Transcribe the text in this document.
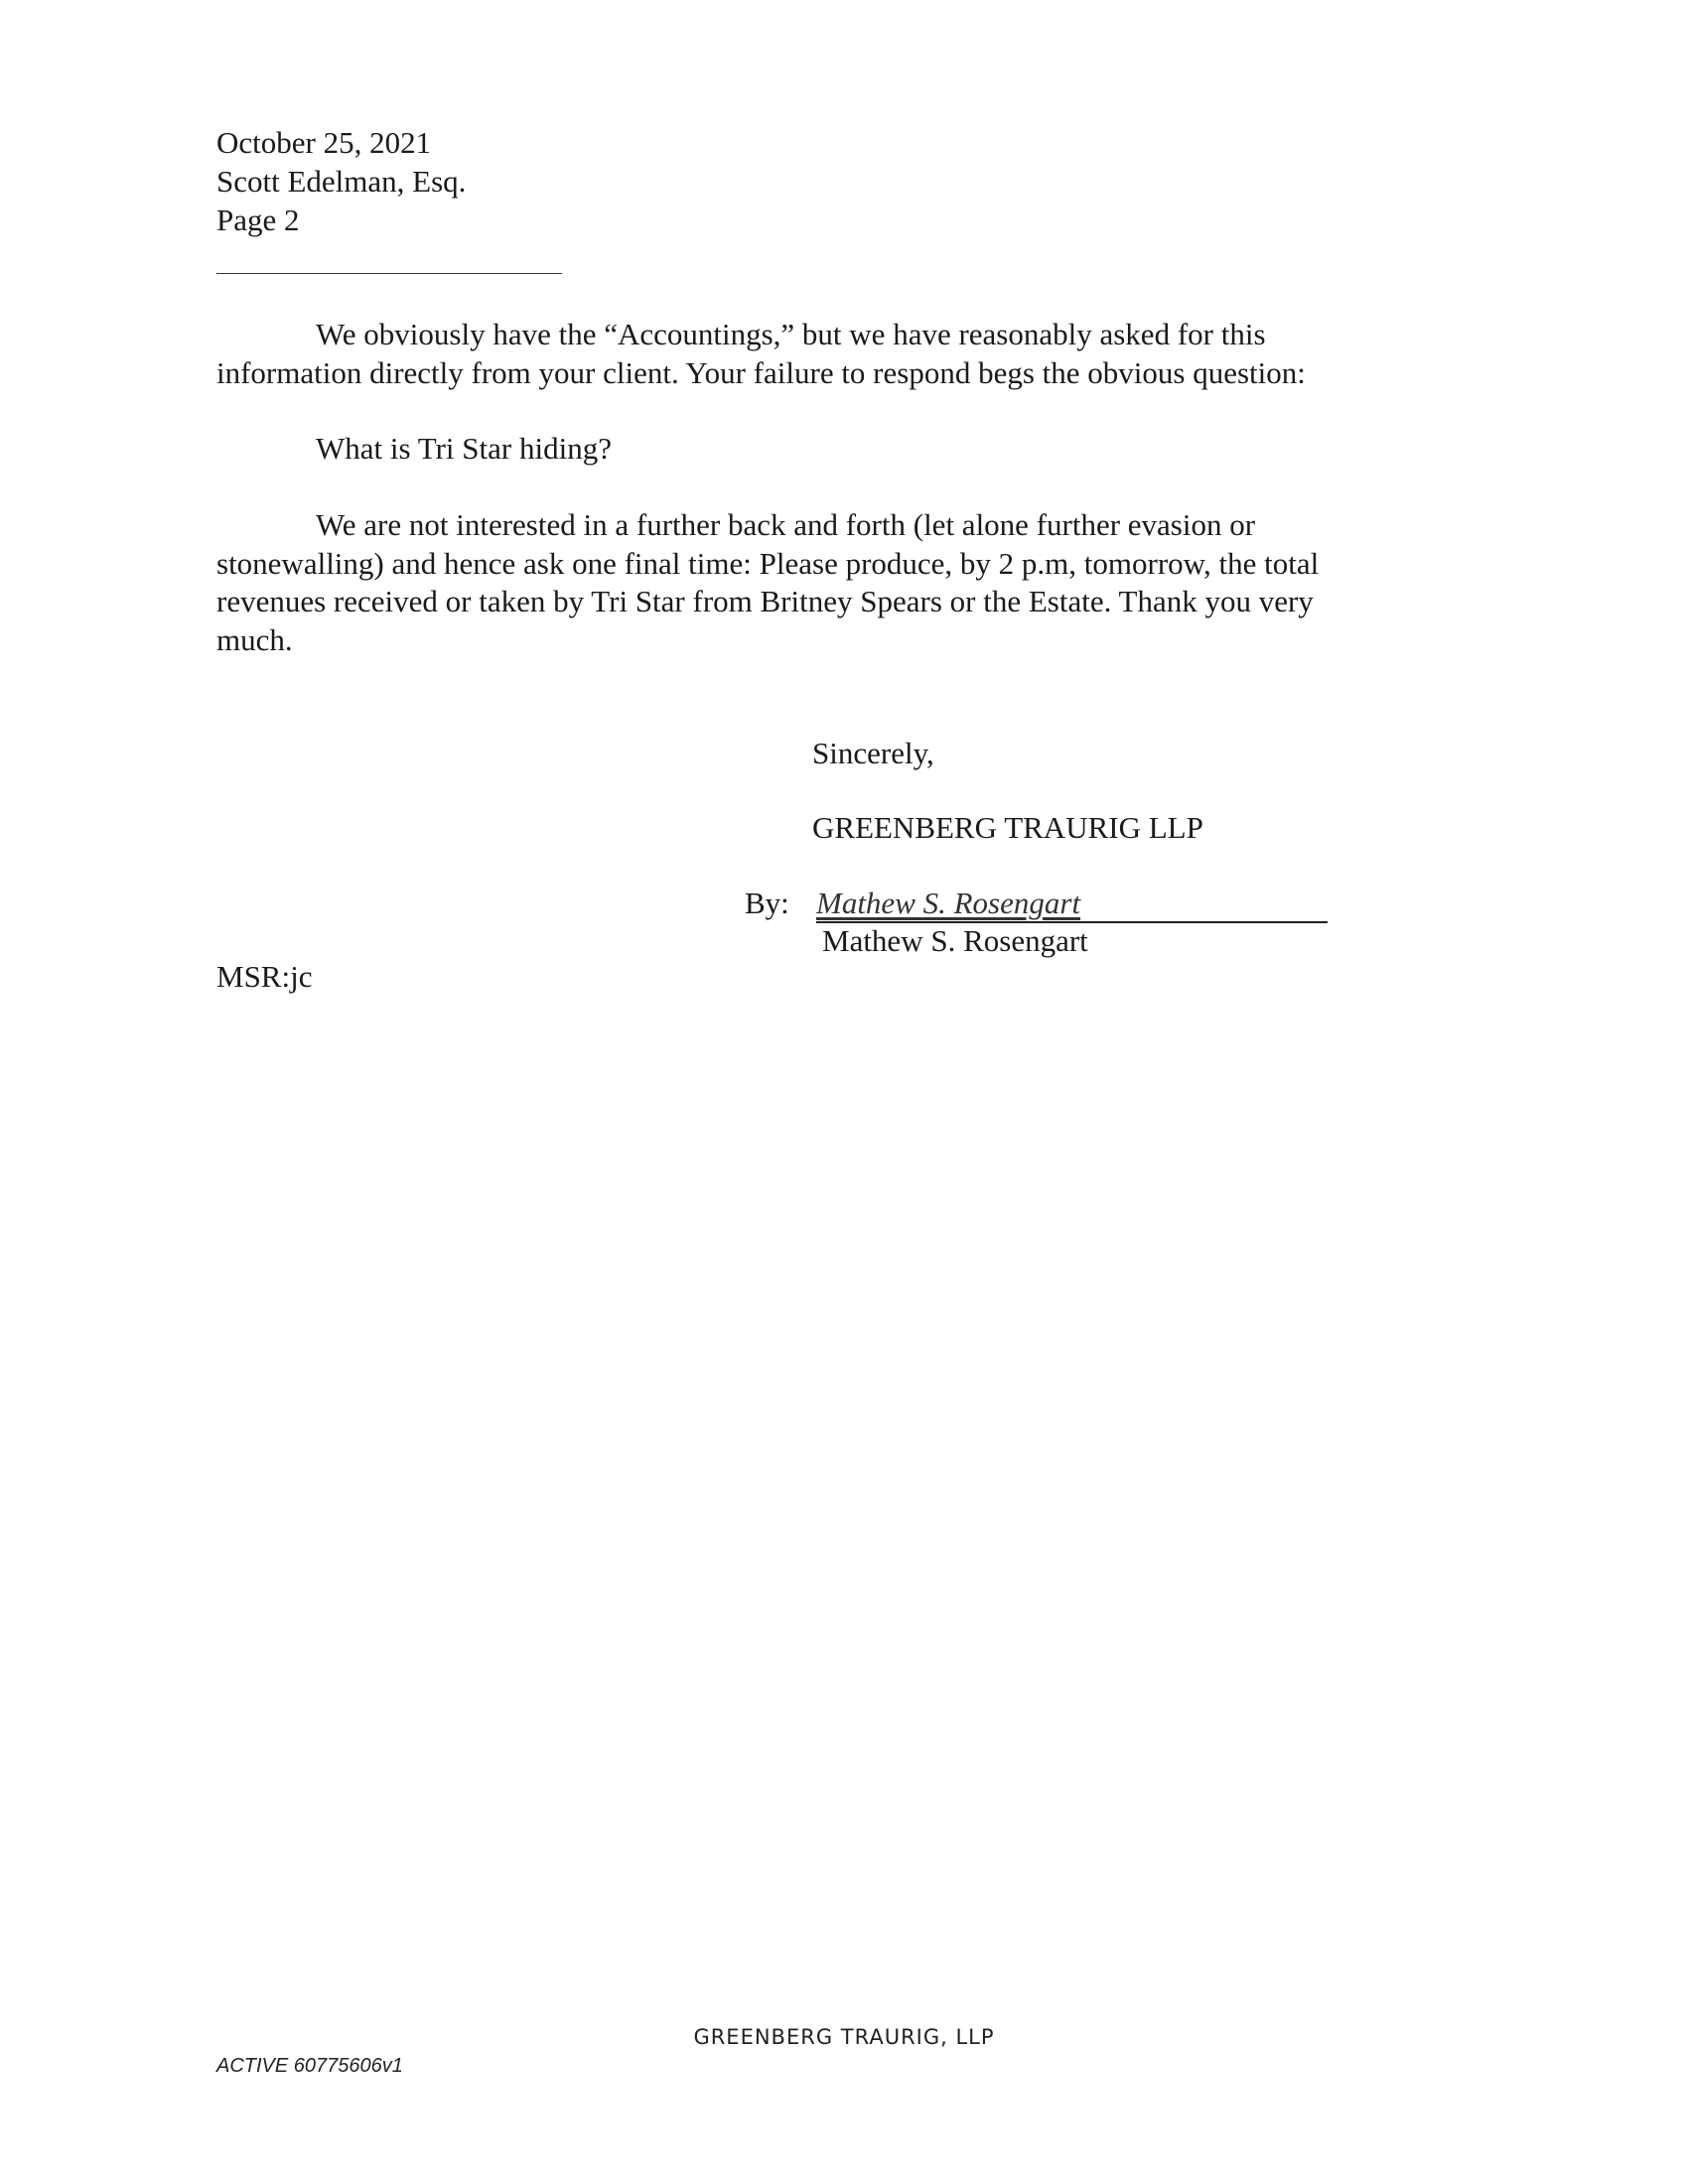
October 25, 2021
Scott Edelman, Esq.
Page 2
We obviously have the “Accountings,” but we have reasonably asked for this
information directly from your client. Your failure to respond begs the obvious question:
What is Tri Star hiding?
We are not interested in a further back and forth (let alone further evasion or
stonewalling) and hence ask one final time: Please produce, by 2 p.m, tomorrow, the total
revenues received or taken by Tri Star from Britney Spears or the Estate. Thank you very
much.
Sincerely,
GREENBERG TRAURIG LLP
By: Mathew S. Rosengart
Mathew S. Rosengart
MSR:jc
GREENBERG TRAURIG, LLP
ACTIVE 60775606v1
